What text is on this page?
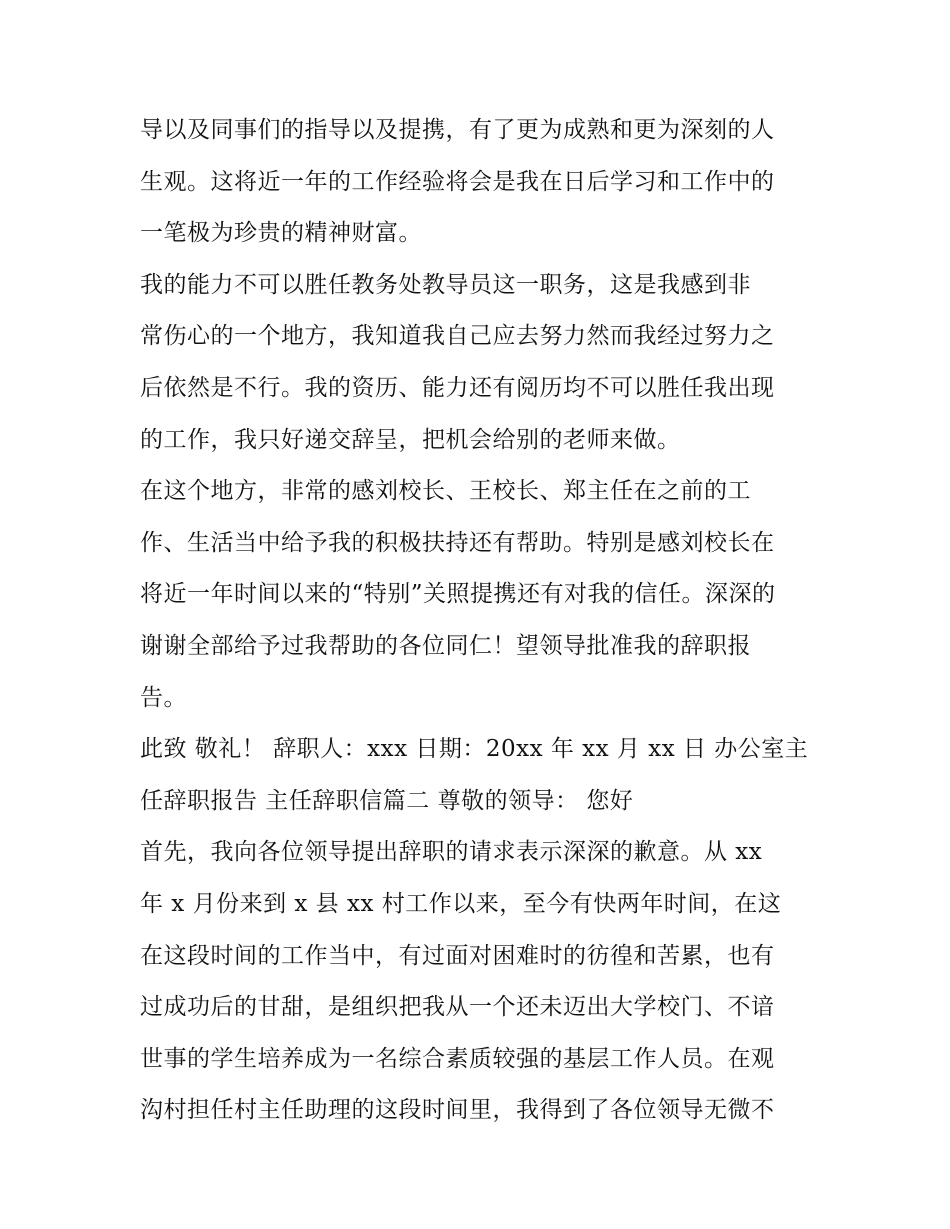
导以及同事们的指导以及提携，有了更为成熟和更为深刻的人
生观。这将近一年的工作经验将会是我在日后学习和工作中的
一笔极为珍贵的精神财富。
我的能力不可以胜任教务处教导员这一职务，这是我感到非
常伤心的一个地方，我知道我自己应去努力然而我经过努力之
后依然是不行。我的资历、能力还有阅历均不可以胜任我出现
的工作，我只好递交辞呈，把机会给别的老师来做。
在这个地方，非常的感刘校长、王校长、郑主任在之前的工
作、生活当中给予我的积极扶持还有帮助。特别是感刘校长在
将近一年时间以来的“特别”关照提携还有对我的信任。深深的
谢谢全部给予过我帮助的各位同仁！望领导批准我的辞职报
告。
此致 敬礼！ 辞职人：xxx 日期：20xx 年 xx 月 xx 日 办公室主
任辞职报告 主任辞职信篇二 尊敬的领导： 您好
首先，我向各位领导提出辞职的请求表示深深的歉意。从 xx
年 x 月份来到 x 县 xx 村工作以来，至今有快两年时间，在这
在这段时间的工作当中，有过面对困难时的彷徨和苦累，也有
过成功后的甘甜，是组织把我从一个还未迈出大学校门、不谙
世事的学生培养成为一名综合素质较强的基层工作人员。在观
沟村担任村主任助理的这段时间里，我得到了各位领导无微不
